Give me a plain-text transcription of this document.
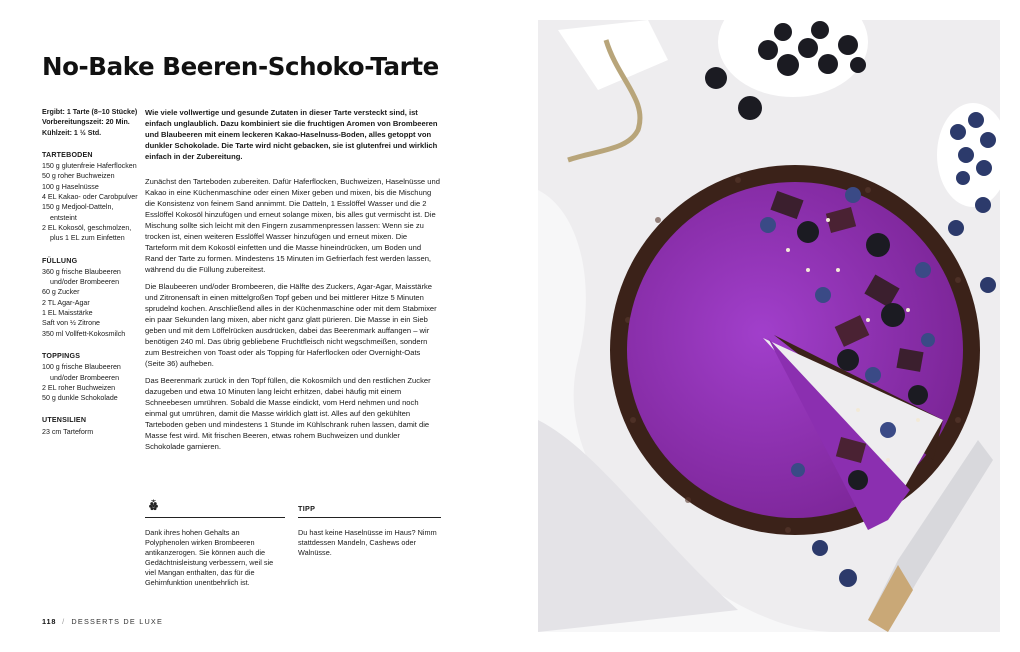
No-Bake Beeren-Schoko-Tarte

Ergibt: 1 Tarte (8–10 Stücke)

Vorbereitungszeit: 20 Min.

Kühlzeit: 1 ½ Std.

TARTEBODEN
150 g glutenfreie Haferflocken
50 g roher Buchweizen
100 g Haselnüsse
4 EL Kakao- oder Carobpulver
150 g Medjool-Datteln, entsteint
2 EL Kokosöl, geschmolzen, plus 1 EL zum Einfetten
FÜLLUNG
360 g frische Blaubeeren und/oder Brombeeren
60 g Zucker
2 TL Agar-Agar
1 EL Maisstärke
Saft von ½ Zitrone
350 ml Vollfett-Kokosmilch
TOPPINGS
100 g frische Blaubeeren und/oder Brombeeren
2 EL roher Buchweizen
50 g dunkle Schokolade
UTENSILIEN
23 cm Tarteform

Wie viele vollwertige und gesunde Zutaten in dieser Tarte versteckt sind, ist einfach unglaublich. Dazu kombiniert sie die fruchtigen Aromen von Brombeeren und Blaubeeren mit einem leckeren Kakao-Haselnuss-Boden, alles getoppt von dunkler Schokolade. Die Tarte wird nicht gebacken, sie ist glutenfrei und wirklich einfach in der Zubereitung.

Zunächst den Tarteboden zubereiten. Dafür Haferflocken, Buchweizen, Haselnüsse und Kakao in eine Küchenmaschine oder einen Mixer geben und mixen, bis die Mischung die Konsistenz von feinem Sand annimmt. Die Datteln, 1 Esslöffel Wasser und die 2 Esslöffel Kokosöl hinzufügen und erneut solange mixen, bis alles gut vermischt ist. Die Mischung sollte sich leicht mit den Fingern zusammenpressen lassen: Wenn sie zu trocken ist, einen weiteren Esslöffel Wasser hinzufügen und erneut mixen. Die Tarteform mit dem Kokosöl einfetten und die Masse hineindrücken, um Boden und Rand der Tarte zu formen. Mindestens 15 Minuten im Gefrierfach fest werden lassen, während du die Füllung zubereitest.

Die Blaubeeren und/oder Brombeeren, die Hälfte des Zuckers, Agar-Agar, Maisstärke und Zitronensaft in einen mittelgroßen Topf geben und bei mittlerer Hitze 5 Minuten sprudelnd kochen. Anschließend alles in der Küchenmaschine oder mit dem Stabmixer ein paar Sekunden lang mixen, aber nicht ganz glatt pürieren. Die Masse in ein Sieb geben und mit dem Löffelrücken ausdrücken, dabei das Beerenmark auffangen – wir benötigen 240 ml. Das übrig gebliebene Fruchtfleisch nicht wegschmeißen, sondern zum Bestreichen von Toast oder als Topping für Haferflocken oder Overnight-Oats (Seite 36) aufheben.

Das Beerenmark zurück in den Topf füllen, die Kokosmilch und den restlichen Zucker dazugeben und etwa 10 Minuten lang leicht erhitzen, dabei häufig mit einem Schneebesen umrühren. Sobald die Masse eindickt, vom Herd nehmen und noch einmal gut umrühren, damit die Masse wirklich glatt ist. Alles auf den gekühlten Tarteboden geben und mindestens 1 Stunde im Kühlschrank ruhen lassen, damit die Masse fest wird. Mit frischen Beeren, etwas rohem Buchweizen und dunkler Schokolade garnieren.

TIPP
Dank ihres hohen Gehalts an Polyphenolen wirken Brombeeren antikanzerogen. Sie können auch die Gedächtnisleistung verbessern, weil sie viel Mangan enthalten, das für die Gehirnfunktion unentbehrlich ist.
Du hast keine Haselnüsse im Haus? Nimm stattdessen Mandeln, Cashews oder Walnüsse.
118 / DESSERTS DE LUXE
